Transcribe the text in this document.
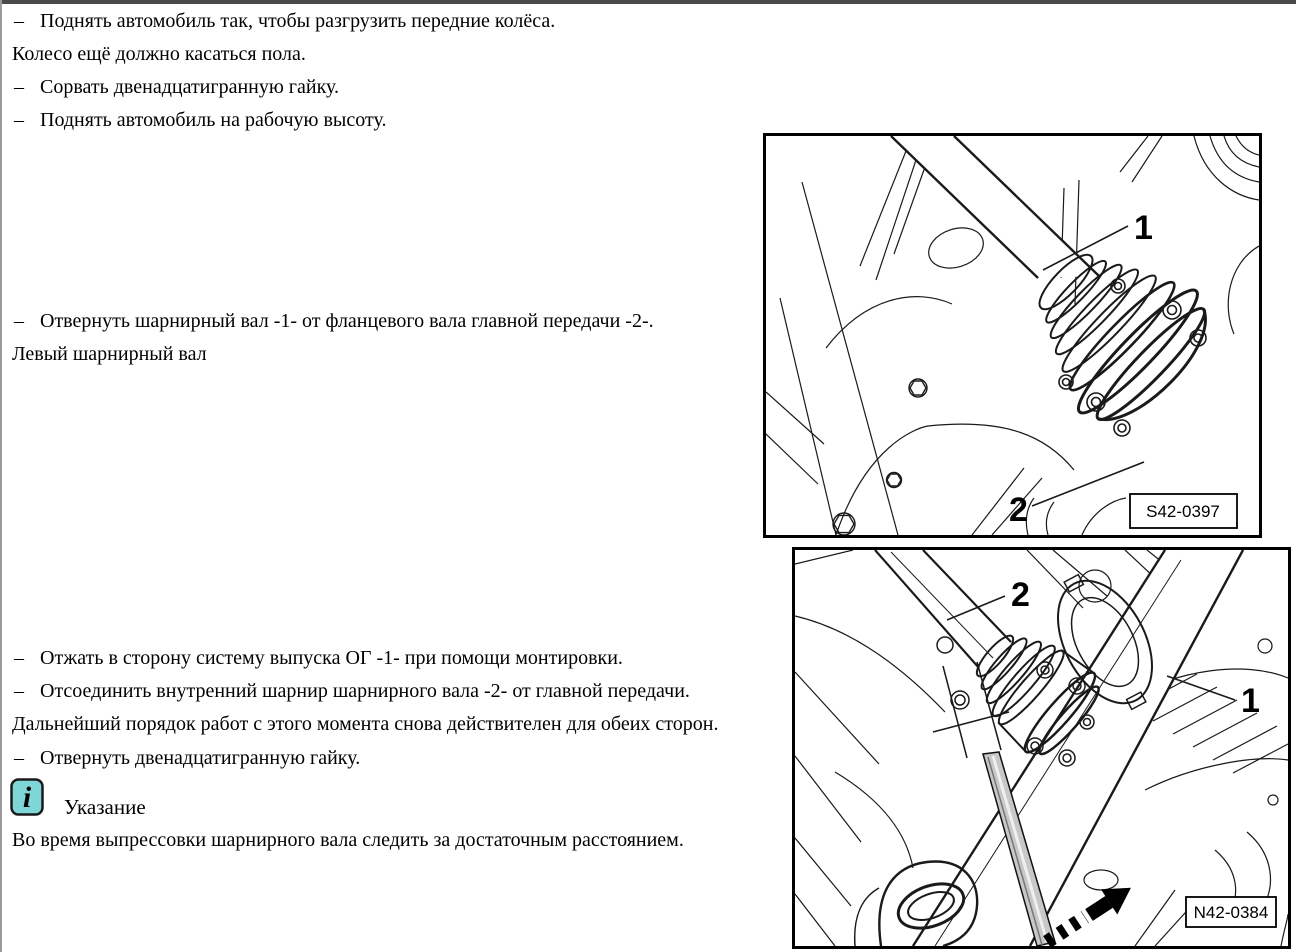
– Поднять автомобиль так, чтобы разгрузить передние колёса.
Колесо ещё должно касаться пола.
– Сорвать двенадцатигранную гайку.
– Поднять автомобиль на рабочую высоту.
– Отвернуть шарнирный вал -1- от фланцевого вала главной передачи -2-.
Левый шарнирный вал
– Отжать в сторону систему выпуска ОГ -1- при помощи монтировки.
– Отсоединить внутренний шарнир шарнирного вала -2- от главной передачи.
Дальнейший порядок работ с этого момента снова действителен для обеих сторон.
– Отвернуть двенадцатигранную гайку.
i Указание
Во время выпрессовки шарнирного вала следить за достаточным расстоянием.
1
2	S42-0397
2
1
N42-0384
